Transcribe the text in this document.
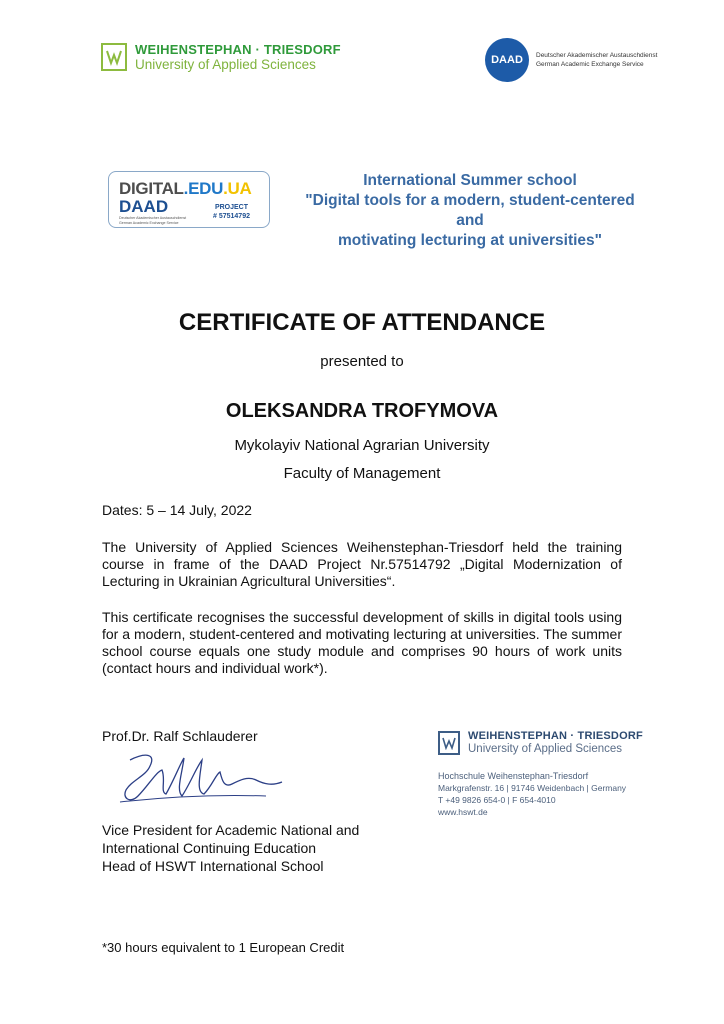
WEIHENSTEPHAN · TRIESDORF
University of Applied Sciences	DAAD	Deutscher Akademischer Austauschdienst
German Academic Exchange Service
DIGITAL.EDU.UA
DAAD	PROJECT
# 57514792
Deutscher Akademischer Austauschdienst
German Academic Exchange Service
International Summer school
"Digital tools for a modern, student-centered and
motivating lecturing at universities"
CERTIFICATE OF ATTENDANCE
presented to
OLEKSANDRA TROFYMOVA
Mykolayiv National Agrarian University
Faculty of Management
Dates: 5 – 14 July, 2022
The University of Applied Sciences Weihenstephan-Triesdorf held the training course in frame of the DAAD Project Nr.57514792 „Digital Modernization of Lecturing in Ukrainian Agricultural Universities“.
This certificate recognises the successful development of skills in digital tools using for a modern, student-centered and motivating lecturing at universities. The summer school course equals one study module and comprises 90 hours of work units (contact hours and individual work*).
Prof.Dr. Ralf Schlauderer
Vice President for Academic National and
International Continuing Education
Head of HSWT International School
WEIHENSTEPHAN · TRIESDORF
University of Applied Sciences
Hochschule Weihenstephan-Triesdorf
Markgrafenstr. 16 | 91746 Weidenbach | Germany
T +49 9826 654-0 | F 654-4010
www.hswt.de
*30 hours equivalent to 1 European Credit
